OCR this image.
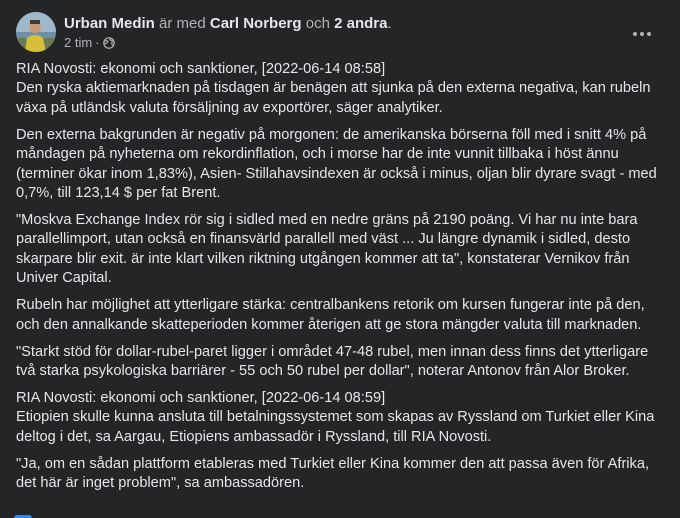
Urban Medin är med Carl Norberg och 2 andra.
2 tim ·

RIA Novosti: ekonomi och sanktioner, [2022-06-14 08:58]
Den ryska aktiemarknaden på tisdagen är benägen att sjunka på den externa negativa, kan rubeln växa på utländsk valuta försäljning av exportörer, säger analytiker.

Den externa bakgrunden är negativ på morgonen: de amerikanska börserna föll med i snitt 4% på måndagen på nyheterna om rekordinflation, och i morse har de inte vunnit tillbaka i höst ännu (terminer ökar inom 1,83%), Asien- Stillahavsindexen är också i minus, oljan blir dyrare svagt - med 0,7%, till 123,14 $ per fat Brent.

"Moskva Exchange Index rör sig i sidled med en nedre gräns på 2190 poäng. Vi har nu inte bara parallellimport, utan också en finansvärld parallell med väst ... Ju längre dynamik i sidled, desto skarpare blir exit. är inte klart vilken riktning utgången kommer att ta", konstaterar Vernikov från Univer Capital.

Rubeln har möjlighet att ytterligare stärka: centralbankens retorik om kursen fungerar inte på den, och den annalkande skatteperioden kommer återigen att ge stora mängder valuta till marknaden.

"Starkt stöd för dollar-rubel-paret ligger i området 47-48 rubel, men innan dess finns det ytterligare två starka psykologiska barriärer - 55 och 50 rubel per dollar", noterar Antonov från Alor Broker.

RIA Novosti: ekonomi och sanktioner, [2022-06-14 08:59]
Etiopien skulle kunna ansluta till betalningssystemet som skapas av Ryssland om Turkiet eller Kina deltog i det, sa Aargau, Etiopiens ambassadör i Ryssland, till RIA Novosti.

"Ja, om en sådan plattform etableras med Turkiet eller Kina kommer den att passa även för Afrika, det här är inget problem", sa ambassadören.
